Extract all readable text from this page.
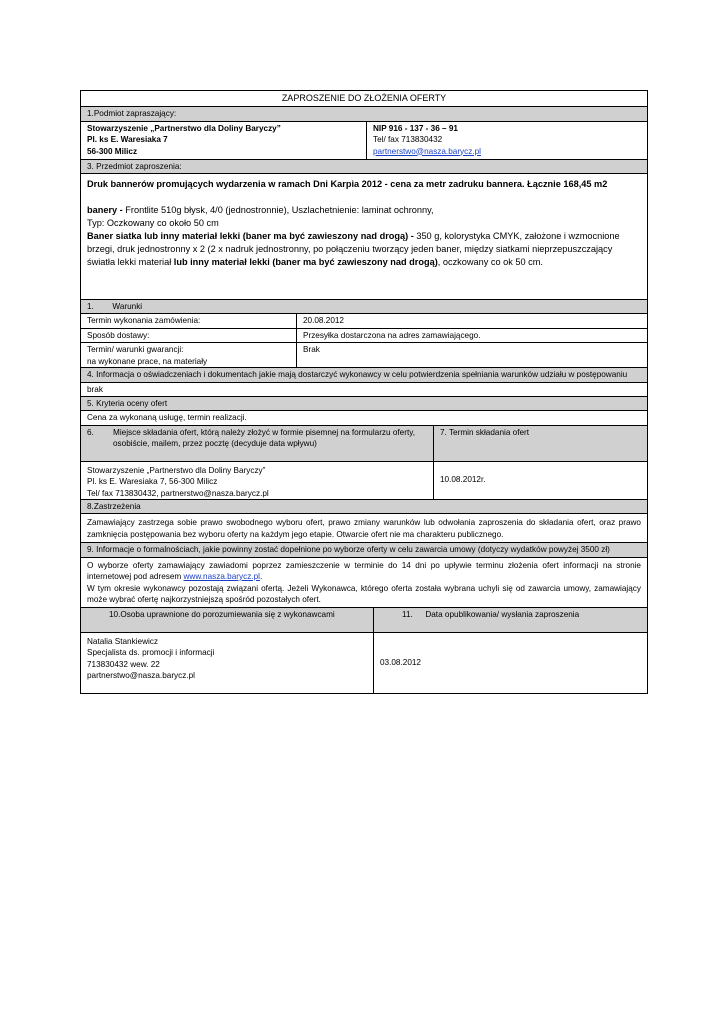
ZAPROSZENIE DO ZŁOŻENIA OFERTY
1.Podmiot zapraszający:
Stowarzyszenie „Partnerstwo dla Doliny Baryczy”
Pl. ks E. Waresiaka 7
56-300 Milicz
NIP 916 - 137 - 36 – 91
Tel/ fax 713830432
partnerstwo@nasza.barycz.pl
3. Przedmiot zaproszenia:

Druk bannerów promujących wydarzenia w ramach Dni Karpia 2012 - cena za metr zadruku bannera. Łącznie 168,45 m2

banery - Frontlite 510g błysk, 4/0 (jednostronnie), Uszlachetnienie: laminat ochronny,

Typ: Oczkowany co około 50 cm

Baner siatka lub inny materiał lekki (baner ma być zawieszony nad drogą) - 350 g, kolorystyka CMYK, założone i wzmocnione brzegi, druk jednostronny x 2 (2 x nadruk jednostronny, po połączeniu tworzący jeden baner, między siatkami nieprzepuszczający światła lekki materiał lub inny materiał lekki (baner ma być zawieszony nad drogą), oczkowany co ok 50 cm.

1. Warunki
Termin wykonania zamówienia:	20.08.2012
Sposób dostawy:	Przesyłka dostarczona na adres zamawiającego.
Termin/ warunki gwarancji:
na wykonane prace, na materiały
Brak
4. Informacja o oświadczeniach i dokumentach jakie mają dostarczyć wykonawcy w celu potwierdzenia spełniania warunków udziału w postępowaniu
brak
5. Kryteria oceny ofert
Cena za wykonaną usługę, termin realizacji.
6.	Miejsce składania ofert, którą należy złożyć w formie pisemnej na formularzu oferty, osobiście, mailem, przez pocztę (decyduje data wpływu)
7. Termin składania ofert
Stowarzyszenie „Partnerstwo dla Doliny Baryczy”
Pl. ks E. Waresiaka 7, 56-300 Milicz
Tel/ fax 713830432, partnerstwo@nasza.barycz.pl
10.08.2012r.
8.Zastrzeżenia
Zamawiający zastrzega sobie prawo swobodnego wyboru ofert, prawo zmiany warunków lub odwołania zaproszenia do składania ofert, oraz prawo zamknięcia postępowania bez wyboru oferty na każdym jego etapie. Otwarcie ofert nie ma charakteru publicznego.
9. Informacje o formalnościach, jakie powinny zostać dopełnione po wyborze oferty w celu zawarcia umowy (dotyczy wydatków powyżej 3500 zł)
O wyborze oferty zamawiający zawiadomi poprzez zamieszczenie w terminie do 14 dni po upływie terminu złożenia ofert informacji na stronie internetowej pod adresem www.nasza.barycz.pl.
W tym okresie wykonawcy pozostają związani ofertą. Jeżeli Wykonawca, którego oferta została wybrana uchyli się od zawarcia umowy, zamawiający może wybrać ofertę najkorzystniejszą spośród pozostałych ofert.
10.Osoba uprawnione do porozumiewania się z wykonawcami	11. Data opublikowania/ wysłania zaproszenia
Natalia Stankiewicz
Specjalista ds. promocji i informacji
713830432 wew. 22
partnerstwo@nasza.barycz.pl
03.08.2012
